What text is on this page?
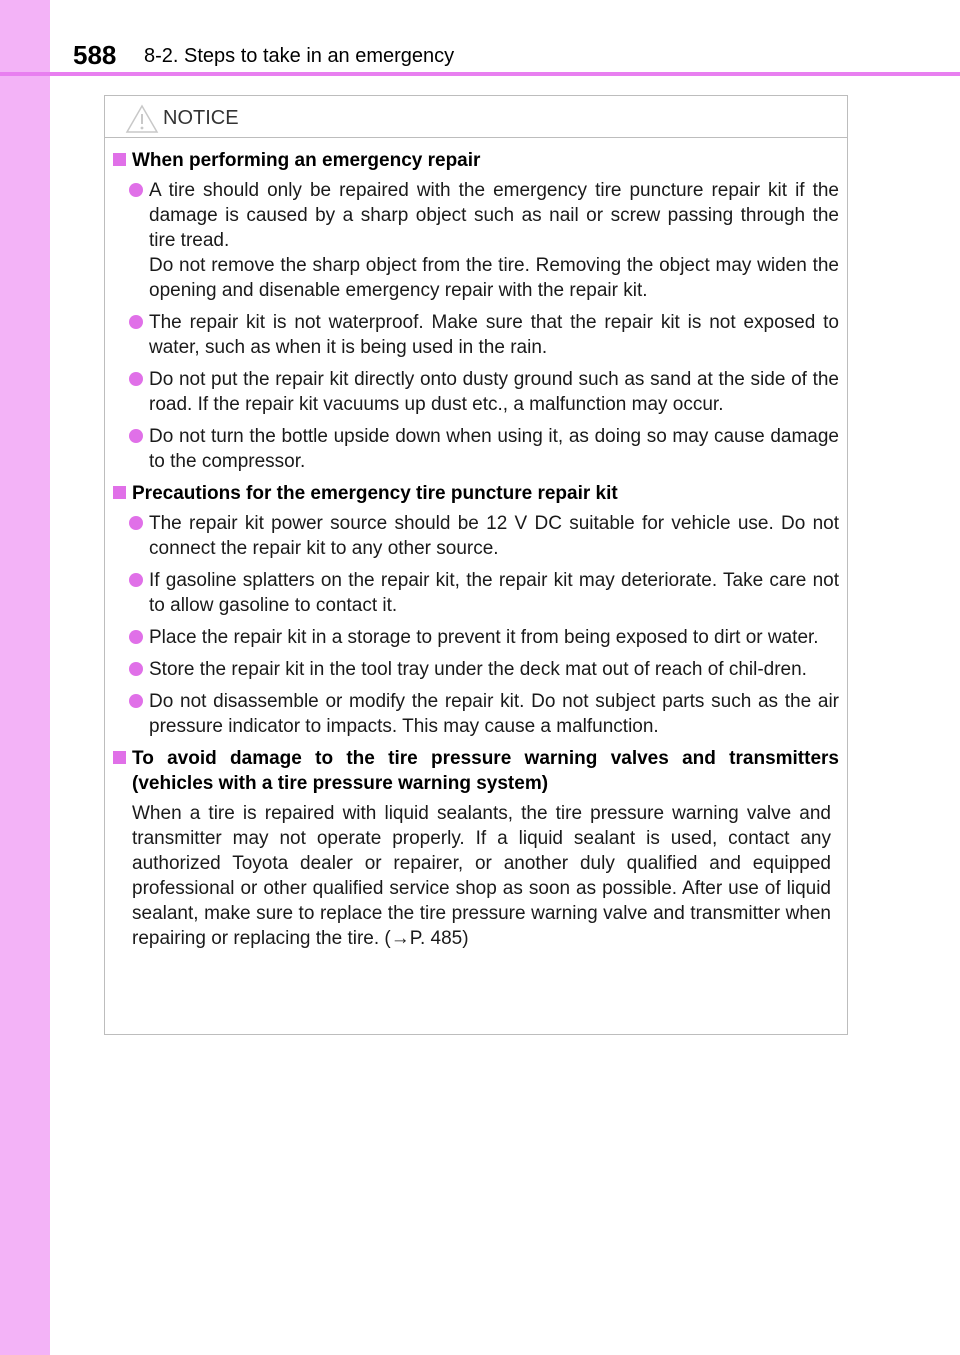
588 8-2. Steps to take in an emergency
NOTICE
When performing an emergency repair
A tire should only be repaired with the emergency tire puncture repair kit if the damage is caused by a sharp object such as nail or screw passing through the tire tread.
Do not remove the sharp object from the tire. Removing the object may widen the opening and disenable emergency repair with the repair kit.
The repair kit is not waterproof. Make sure that the repair kit is not exposed to water, such as when it is being used in the rain.
Do not put the repair kit directly onto dusty ground such as sand at the side of the road. If the repair kit vacuums up dust etc., a malfunction may occur.
Do not turn the bottle upside down when using it, as doing so may cause damage to the compressor.
Precautions for the emergency tire puncture repair kit
The repair kit power source should be 12 V DC suitable for vehicle use. Do not connect the repair kit to any other source.
If gasoline splatters on the repair kit, the repair kit may deteriorate. Take care not to allow gasoline to contact it.
Place the repair kit in a storage to prevent it from being exposed to dirt or water.
Store the repair kit in the tool tray under the deck mat out of reach of chil-dren.
Do not disassemble or modify the repair kit. Do not subject parts such as the air pressure indicator to impacts. This may cause a malfunction.
To avoid damage to the tire pressure warning valves and transmitters (vehicles with a tire pressure warning system)
When a tire is repaired with liquid sealants, the tire pressure warning valve and transmitter may not operate properly. If a liquid sealant is used, contact any authorized Toyota dealer or repairer, or another duly qualified and equipped professional or other qualified service shop as soon as possible. After use of liquid sealant, make sure to replace the tire pressure warning valve and transmitter when repairing or replacing the tire. (→P. 485)
